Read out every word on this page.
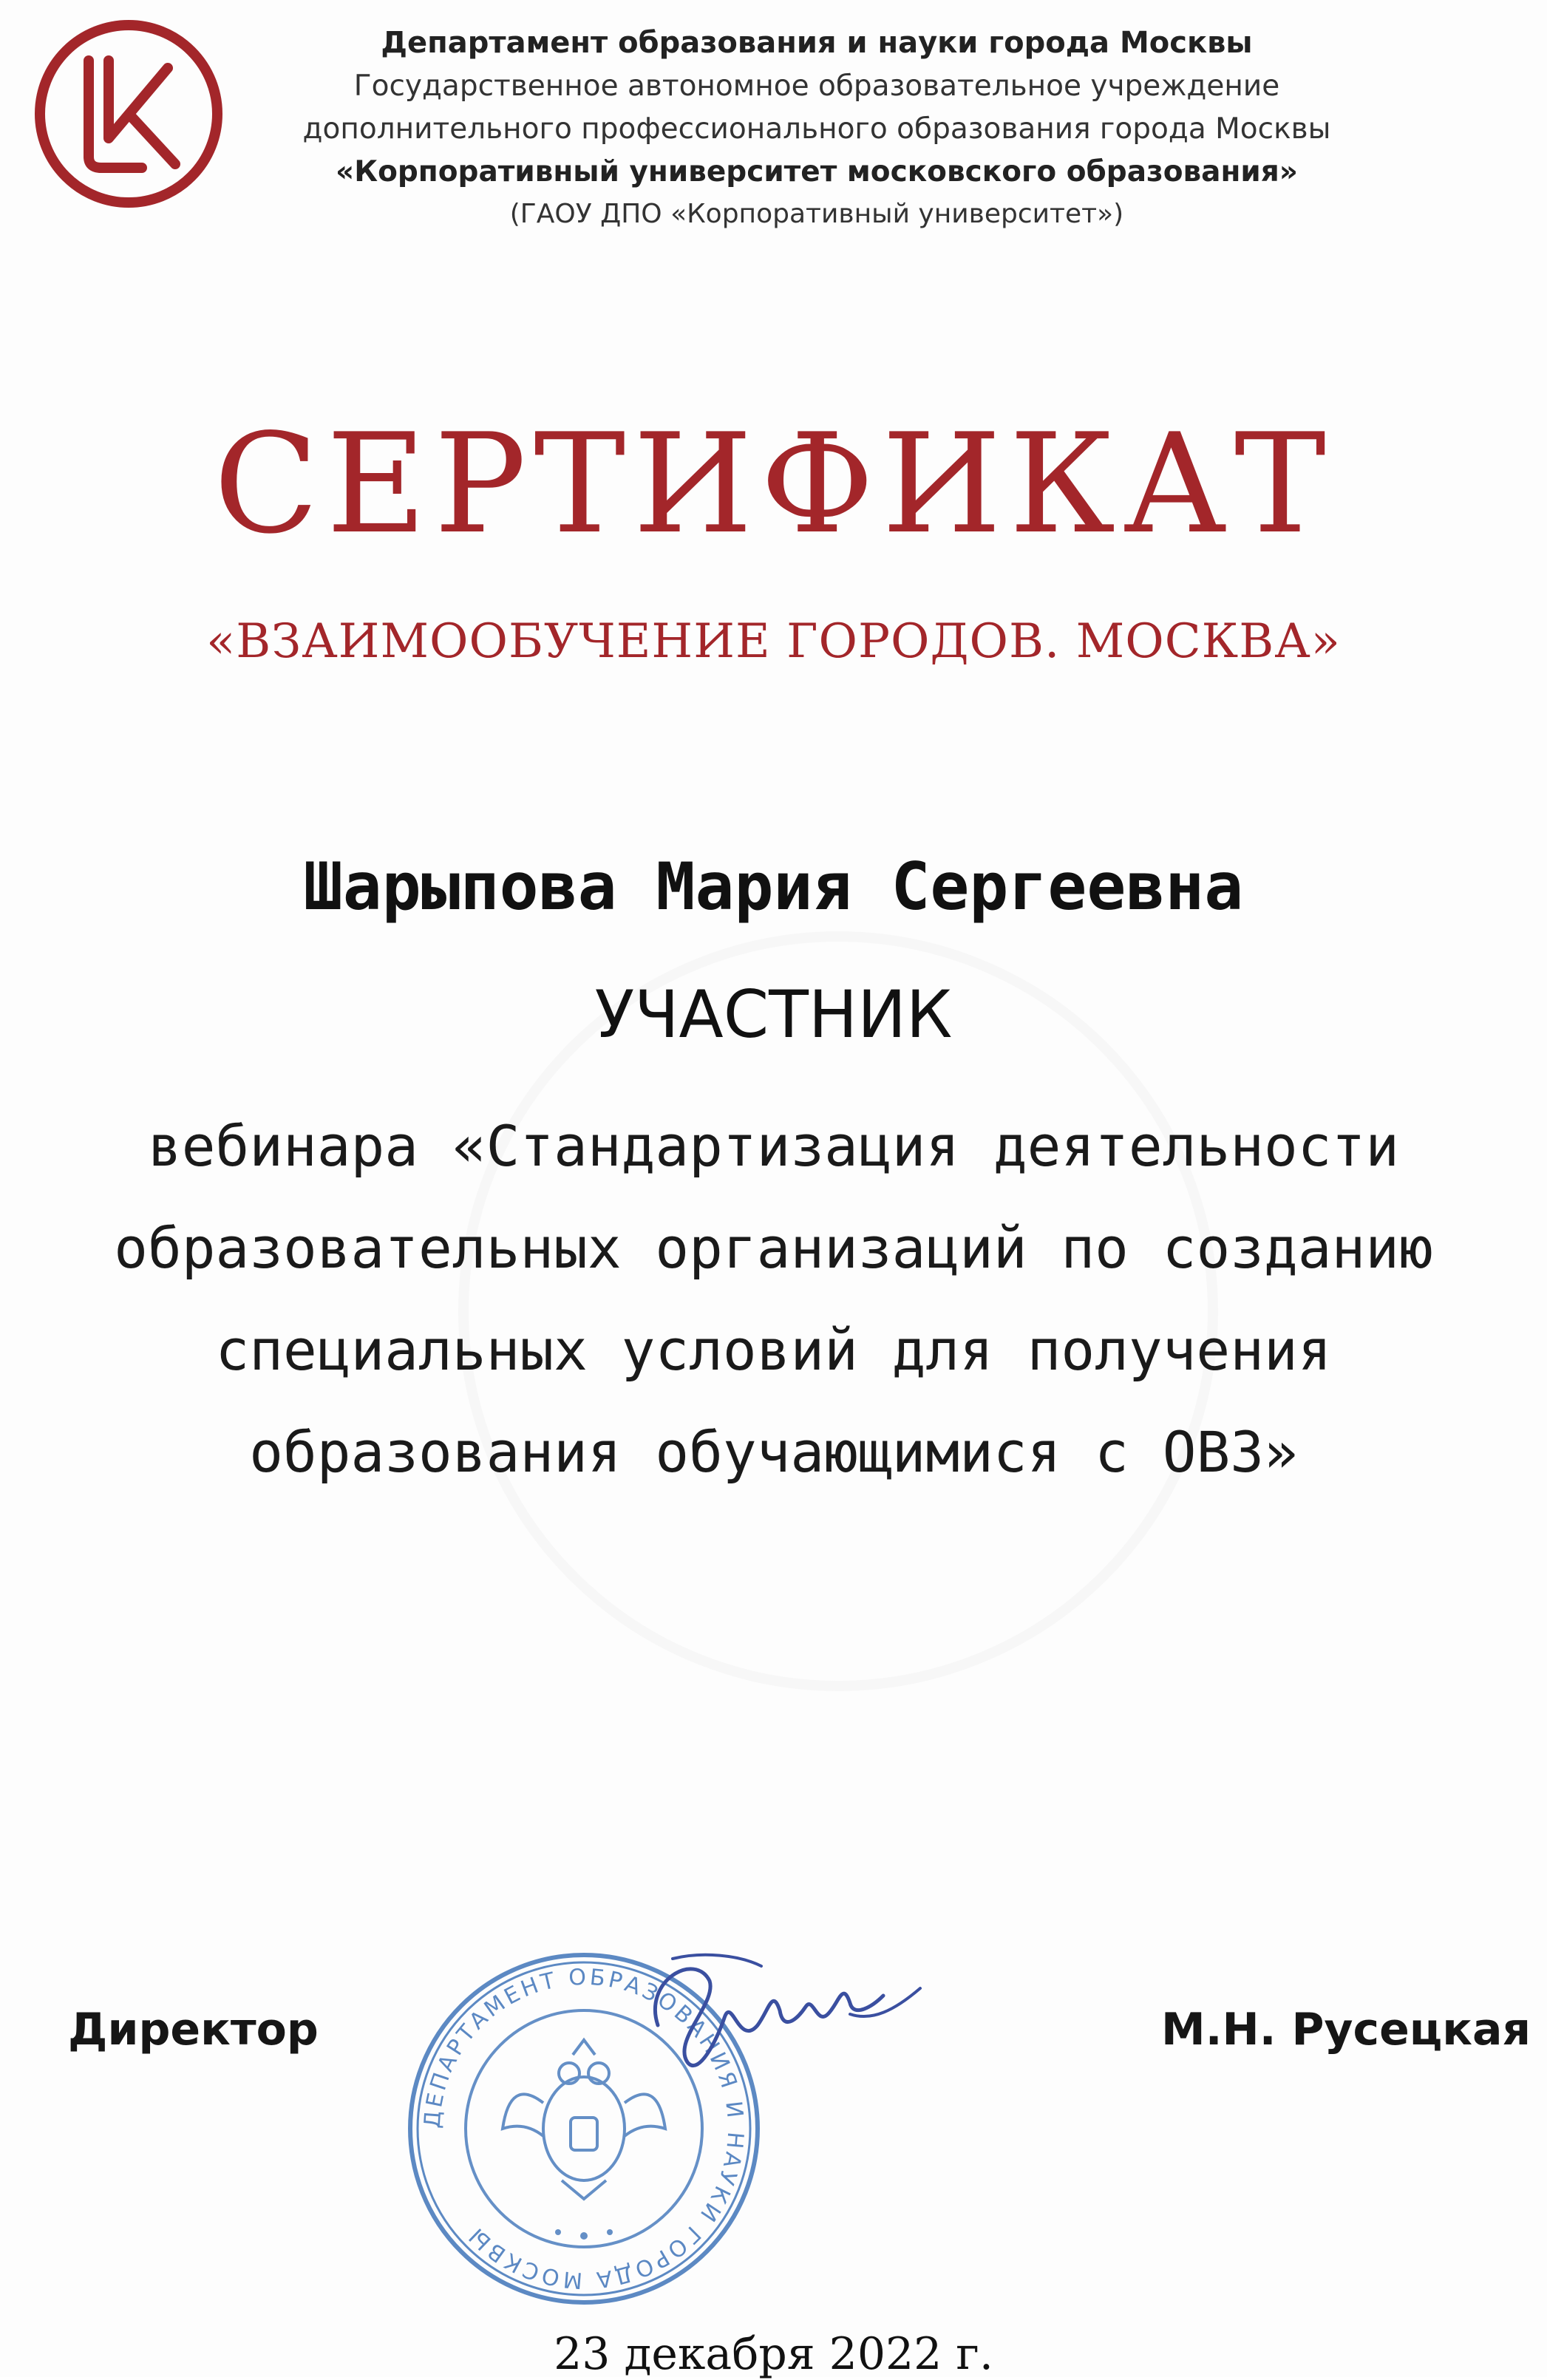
Департамент образования и науки города Москвы
Государственное автономное образовательное учреждение
дополнительного профессионального образования города Москвы
«Корпоративный университет московского образования»
(ГАОУ ДПО «Корпоративный университет»)
СЕРТИФИКАТ
«ВЗАИМООБУЧЕНИЕ ГОРОДОВ. МОСКВА»
Шарыпова Мария Сергеевна
УЧАСТНИК
вебинара «Стандартизация деятельности
образовательных организаций по созданию
специальных условий для получения
образования обучающимися с ОВЗ»
ДЕПАРТАМЕНТ ОБРАЗОВАНИЯ И НАУКИ ГОРОДА МОСКВЫ
Директор	М.Н. Русецкая
23 декабря 2022 г.
